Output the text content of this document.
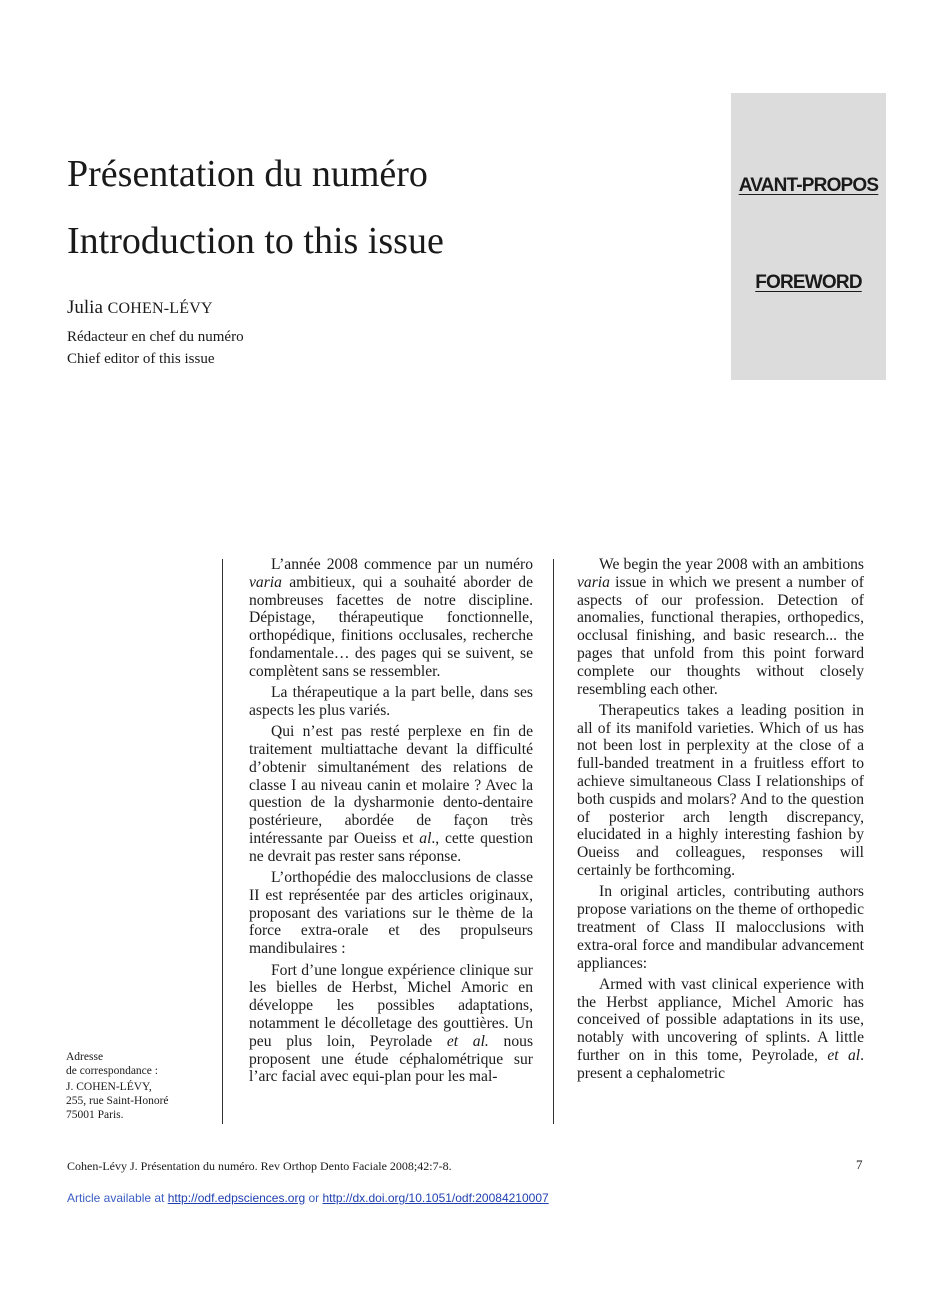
Présentation du numéro
Introduction to this issue
Julia COHEN-LÉVY
Rédacteur en chef du numéro
Chief editor of this issue
AVANT-PROPOS
FOREWORD
Adresse
de correspondance :
J. COHEN-LÉVY,
255, rue Saint-Honoré
75001 Paris.

L’année 2008 commence par un numéro varia ambitieux, qui a souhaité aborder de nombreuses facettes de notre discipline. Dépistage, thérapeutique fonctionnelle, orthopédique, finitions occlusales, recherche fondamentale… des pages qui se suivent, se complètent sans se ressembler.

La thérapeutique a la part belle, dans ses aspects les plus variés.

Qui n’est pas resté perplexe en fin de traitement multiattache devant la difficulté d’obtenir simultanément des relations de classe I au niveau canin et molaire ? Avec la question de la dysharmonie dento-dentaire postérieure, abordée de façon très intéressante par Oueiss et al., cette question ne devrait pas rester sans réponse.

L’orthopédie des malocclusions de classe II est représentée par des articles originaux, proposant des variations sur le thème de la force extra-orale et des propulseurs mandibulaires :

Fort d’une longue expérience clinique sur les bielles de Herbst, Michel Amoric en développe les possibles adaptations, notamment le décolletage des gouttières. Un peu plus loin, Peyrolade et al. nous proposent une étude céphalométrique sur l’arc facial avec equi-plan pour les mal-

We begin the year 2008 with an ambitions varia issue in which we present a number of aspects of our profession. Detection of anomalies, functional therapies, orthopedics, occlusal finishing, and basic research... the pages that unfold from this point forward complete our thoughts without closely resembling each other.

Therapeutics takes a leading position in all of its manifold varieties. Which of us has not been lost in perplexity at the close of a full-banded treatment in a fruitless effort to achieve simultaneous Class I relationships of both cuspids and molars? And to the question of posterior arch length discrepancy, elucidated in a highly interesting fashion by Oueiss and colleagues, responses will certainly be forthcoming.

In original articles, contributing authors propose variations on the theme of orthopedic treatment of Class II malocclusions with extra-oral force and mandibular advancement appliances:

Armed with vast clinical experience with the Herbst appliance, Michel Amoric has conceived of possible adaptations in its use, notably with uncovering of splints. A little further on in this tome, Peyrolade, et al. present a cephalometric

Cohen-Lévy J. Présentation du numéro. Rev Orthop Dento Faciale 2008;42:7-8.	7
Article available at http://odf.edpsciences.org or http://dx.doi.org/10.1051/odf:20084210007
